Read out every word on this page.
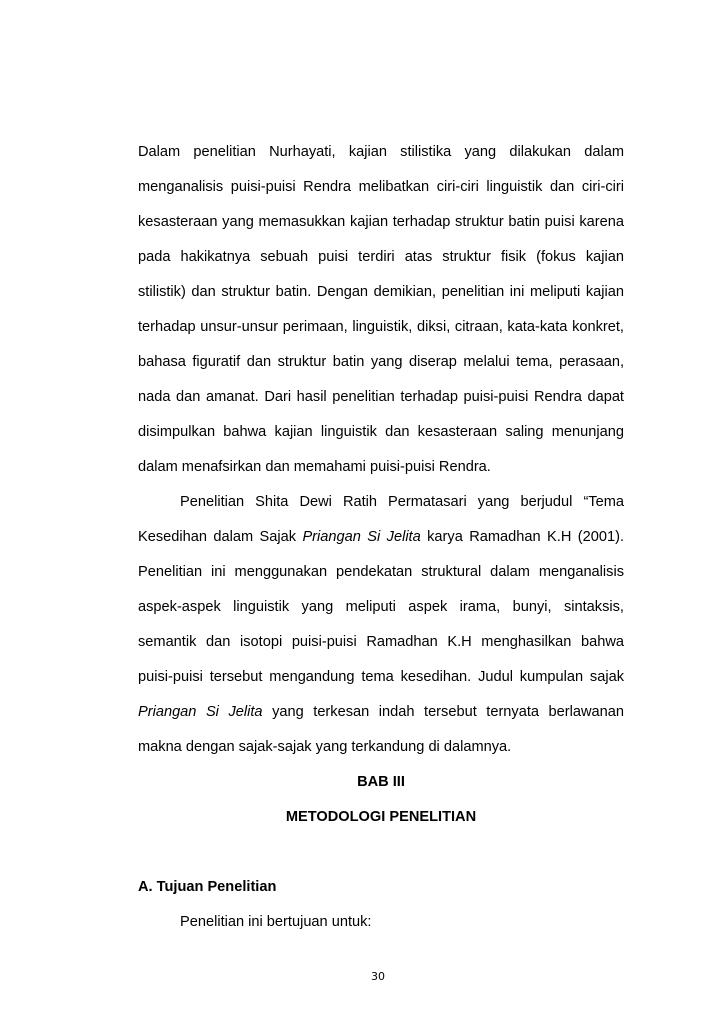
Dalam penelitian Nurhayati, kajian stilistika yang dilakukan dalam
menganalisis puisi-puisi Rendra melibatkan ciri-ciri linguistik dan ciri-ciri
kesasteraan yang memasukkan kajian terhadap struktur batin puisi karena
pada hakikatnya sebuah puisi terdiri atas struktur fisik (fokus kajian
stilistik) dan struktur batin. Dengan demikian, penelitian ini meliputi kajian
terhadap unsur-unsur perimaan, linguistik, diksi, citraan, kata-kata konkret,
bahasa figuratif dan struktur batin yang diserap melalui tema, perasaan,
nada dan amanat. Dari hasil penelitian terhadap puisi-puisi Rendra dapat
disimpulkan bahwa kajian linguistik dan kesasteraan saling menunjang
dalam menafsirkan dan memahami puisi-puisi Rendra.
Penelitian Shita Dewi Ratih Permatasari yang berjudul “Tema
Kesedihan dalam Sajak Priangan Si Jelita karya Ramadhan K.H (2001).
Penelitian ini menggunakan pendekatan struktural dalam menganalisis
aspek-aspek linguistik yang meliputi aspek irama, bunyi, sintaksis,
semantik dan isotopi puisi-puisi Ramadhan K.H menghasilkan bahwa
puisi-puisi tersebut mengandung tema kesedihan. Judul kumpulan sajak
Priangan Si Jelita yang terkesan indah tersebut ternyata berlawanan
makna dengan sajak-sajak yang terkandung di dalamnya.
BAB III
METODOLOGI PENELITIAN
A. Tujuan Penelitian
Penelitian ini bertujuan untuk:
30
